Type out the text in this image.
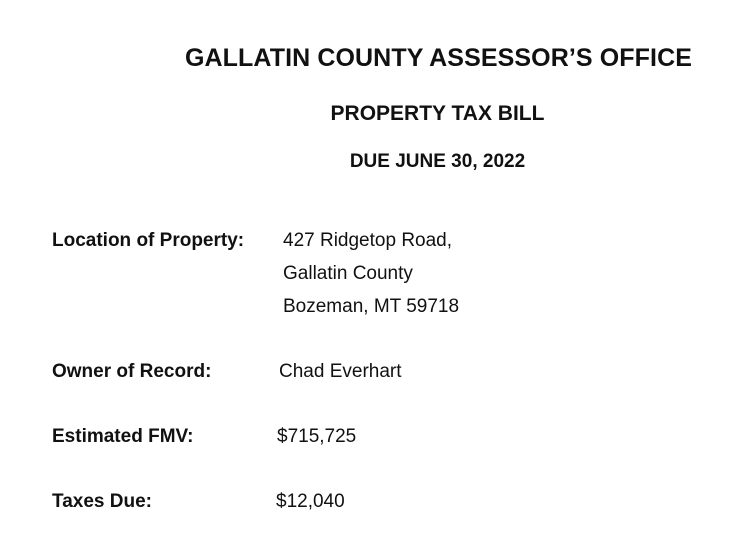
GALLATIN COUNTY ASSESSOR’S OFFICE
PROPERTY TAX BILL
DUE JUNE 30, 2022
Location of Property: 427 Ridgetop Road,
Gallatin County
Bozeman, MT 59718
Owner of Record:	Chad Everhart
Estimated FMV:	$715,725
Taxes Due:	$12,040
